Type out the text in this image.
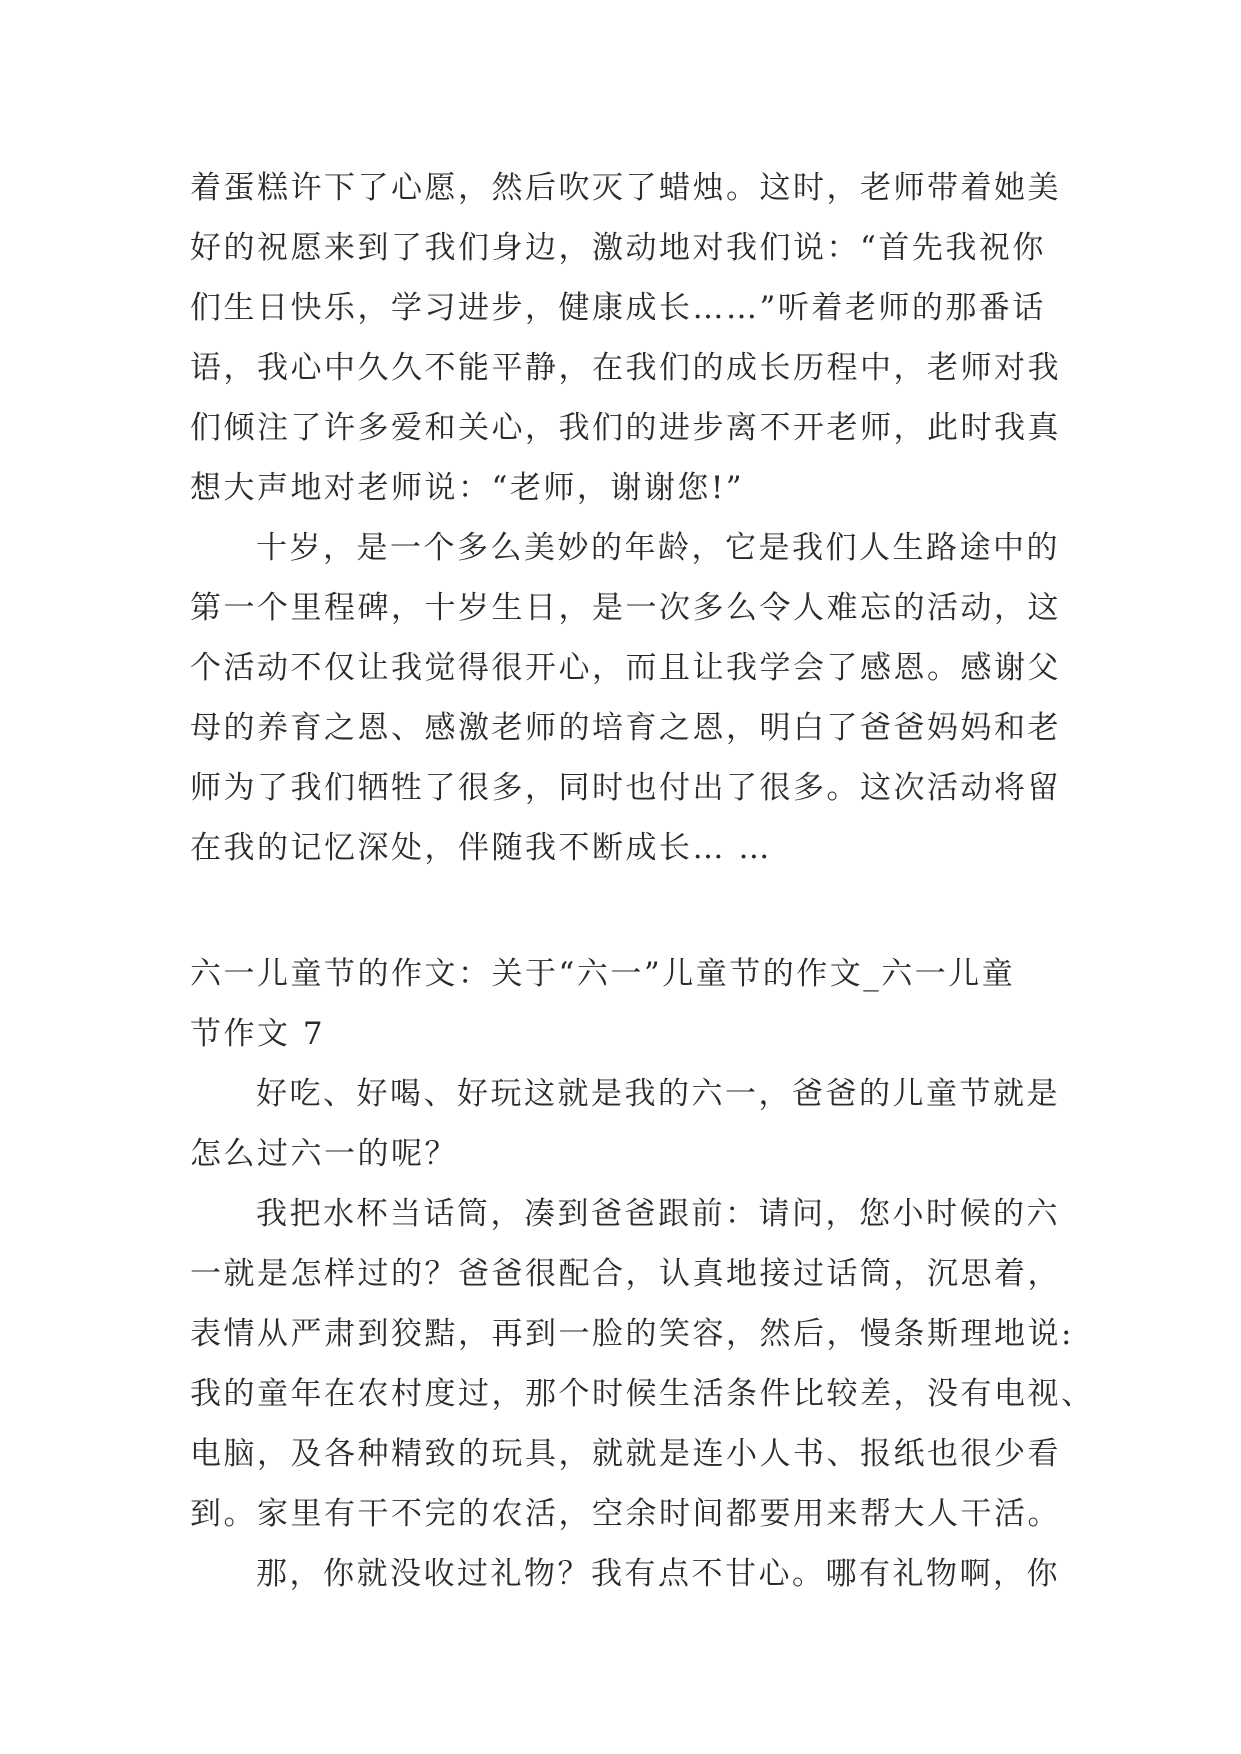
着蛋糕许下了心愿，然后吹灭了蜡烛。这时，老师带着她美
好的祝愿来到了我们身边，激动地对我们说：“首先我祝你
们生日快乐，学习进步，健康成长……”听着老师的那番话
语，我心中久久不能平静，在我们的成长历程中，老师对我
们倾注了许多爱和关心，我们的进步离不开老师，此时我真
想大声地对老师说：“老师，谢谢您!”
十岁，是一个多么美妙的年龄，它是我们人生路途中的
第一个里程碑，十岁生日，是一次多么令人难忘的活动，这
个活动不仅让我觉得很开心，而且让我学会了感恩。感谢父
母的养育之恩、感激老师的培育之恩，明白了爸爸妈妈和老
师为了我们牺牲了很多，同时也付出了很多。这次活动将留
在我的记忆深处，伴随我不断成长… …
六一儿童节的作文：关于“六一”儿童节的作文_六一儿童
节作文 7
好吃、好喝、好玩这就是我的六一，爸爸的儿童节就是
怎么过六一的呢？
我把水杯当话筒，凑到爸爸跟前：请问，您小时候的六
一就是怎样过的？爸爸很配合，认真地接过话筒，沉思着，
表情从严肃到狡黠，再到一脸的笑容，然后，慢条斯理地说:
我的童年在农村度过，那个时候生活条件比较差，没有电视、
电脑，及各种精致的玩具，就就是连小人书、报纸也很少看
到。家里有干不完的农活，空余时间都要用来帮大人干活。
那，你就没收过礼物？我有点不甘心。哪有礼物啊，你
